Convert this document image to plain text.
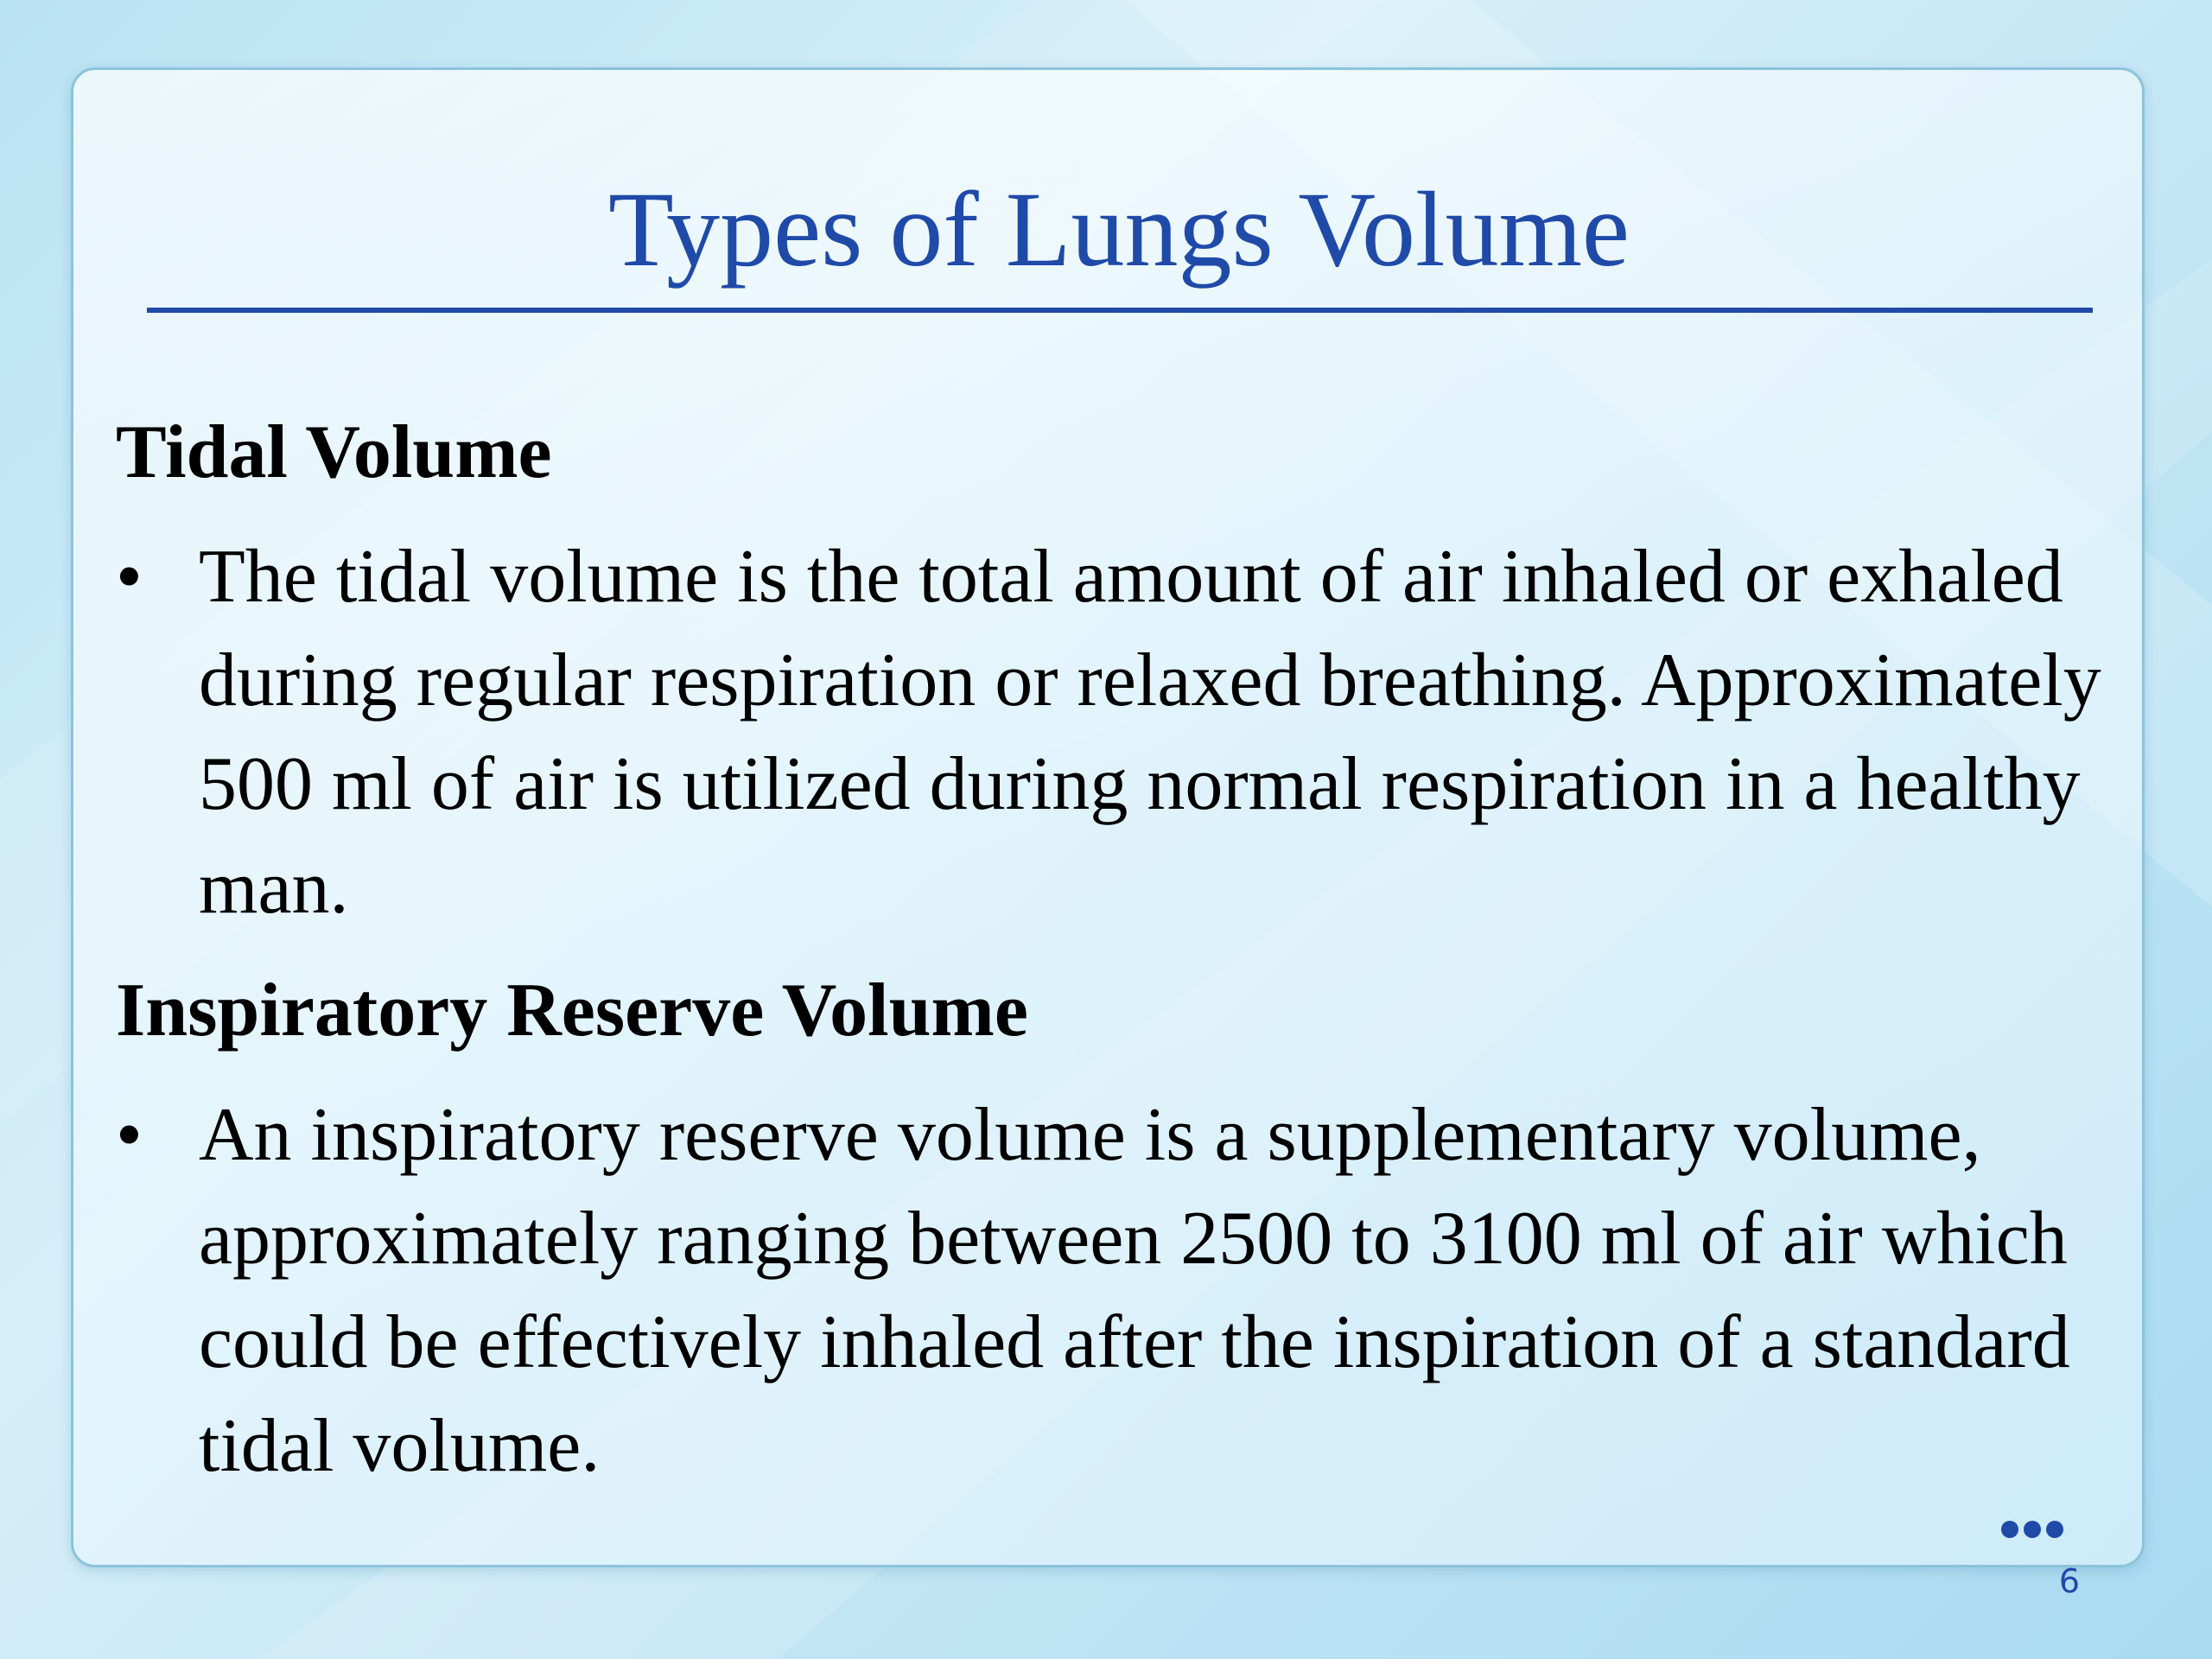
Types of Lungs Volume
Tidal Volume
• The tidal volume is the total amount of air inhaled or exhaled during regular respiration or relaxed breathing. Approximately 500 ml of air is utilized during normal respiration in a healthy man.
Inspiratory Reserve Volume
• An inspiratory reserve volume is a supplementary volume, approximately ranging between 2500 to 3100 ml of air which could be effectively inhaled after the inspiration of a standard tidal volume.
6
